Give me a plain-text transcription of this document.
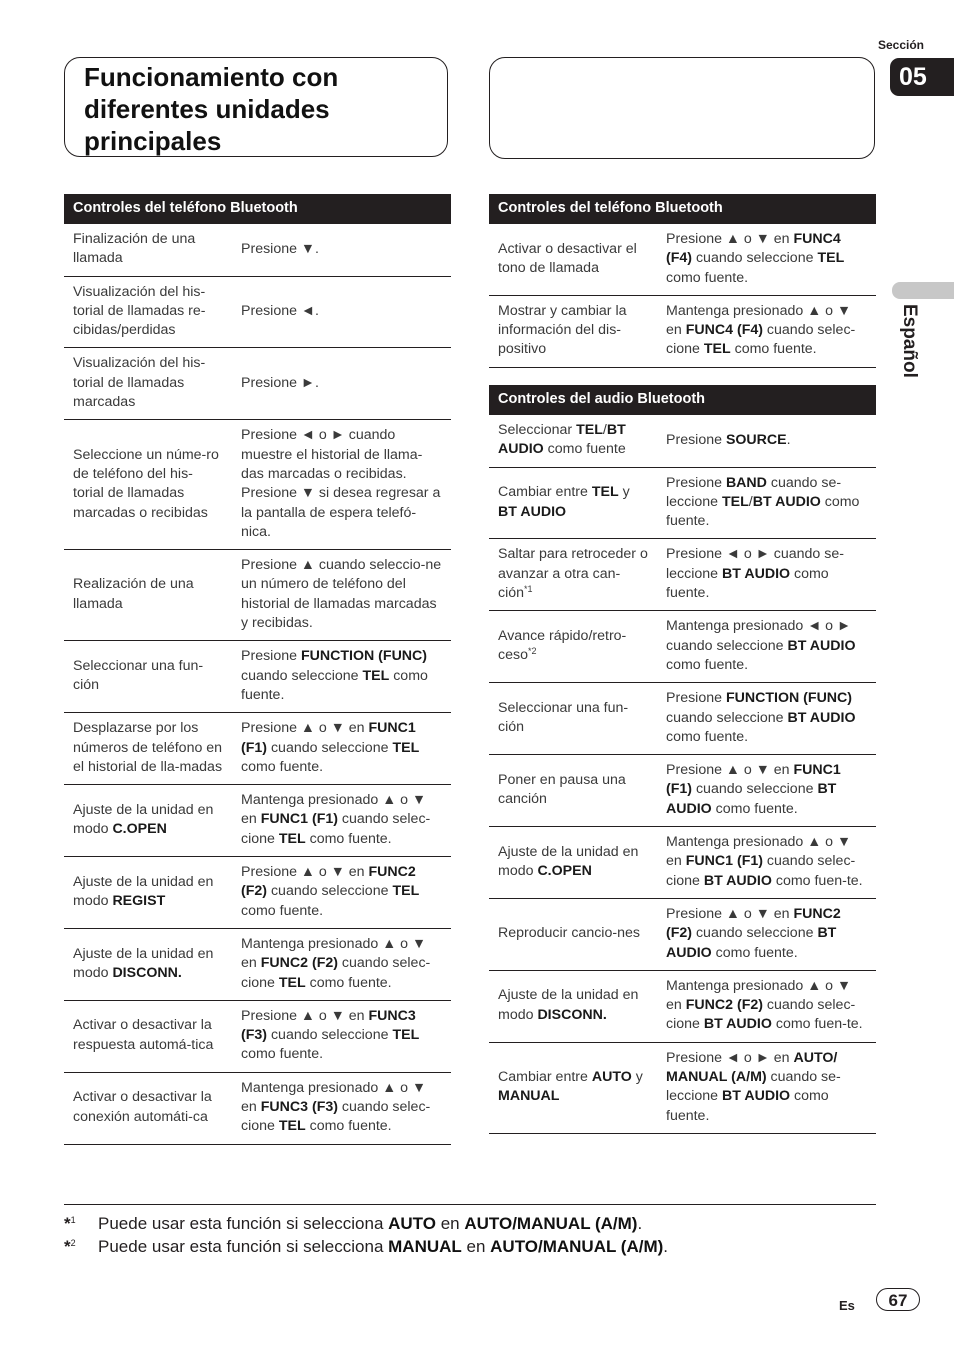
Funcionamiento con diferentes unidades principales
Sección
05
Español
Controles del teléfono Bluetooth	
Finalización de una llamada	Presione ▼.
Visualización del his-torial de llamadas re-cibidas/perdidas	Presione ◄.
Visualización del his-torial de llamadas marcadas	Presione ►.
Seleccione un núme-ro de teléfono del his-torial de llamadas marcadas o recibidas	Presione ◄ o ► cuando muestre el historial de llama-das marcadas o recibidas. Presione ▼ si desea regresar a la pantalla de espera telefó-nica.
Realización de una llamada	Presione ▲ cuando seleccio-ne un número de teléfono del historial de llamadas marcadas y recibidas.
Seleccionar una fun-ción	Presione FUNCTION (FUNC) cuando seleccione TEL como fuente.
Desplazarse por los números de teléfono en el historial de lla-madas	Presione ▲ o ▼ en FUNC1 (F1) cuando seleccione TEL como fuente.
Ajuste de la unidad en modo C.OPEN	Mantenga presionado ▲ o ▼ en FUNC1 (F1) cuando selec-cione TEL como fuente.
Ajuste de la unidad en modo REGIST	Presione ▲ o ▼ en FUNC2 (F2) cuando seleccione TEL como fuente.
Ajuste de la unidad en modo DISCONN.	Mantenga presionado ▲ o ▼ en FUNC2 (F2) cuando selec-cione TEL como fuente.
Activar o desactivar la respuesta automá-tica	Presione ▲ o ▼ en FUNC3 (F3) cuando seleccione TEL como fuente.
Activar o desactivar la conexión automáti-ca	Mantenga presionado ▲ o ▼ en FUNC3 (F3) cuando selec-cione TEL como fuente.
Controles del teléfono Bluetooth	
Activar o desactivar el tono de llamada	Presione ▲ o ▼ en FUNC4 (F4) cuando seleccione TEL como fuente.
Mostrar y cambiar la información del dis-positivo	Mantenga presionado ▲ o ▼ en FUNC4 (F4) cuando selec-cione TEL como fuente.
Controles del audio Bluetooth	
Seleccionar TEL/BT AUDIO como fuente	Presione SOURCE.
Cambiar entre TEL y BT AUDIO	Presione BAND cuando se-leccione TEL/BT AUDIO como fuente.
Saltar para retroceder o avanzar a otra can-ción$^{*1}$	Presione ◄ o ► cuando se-leccione BT AUDIO como fuente.
Avance rápido/retro-ceso$^{*2}$	Mantenga presionado ◄ o ► cuando seleccione BT AUDIO como fuente.
Seleccionar una fun-ción	Presione FUNCTION (FUNC) cuando seleccione BT AUDIO como fuente.
Poner en pausa una canción	Presione ▲ o ▼ en FUNC1 (F1) cuando seleccione BT AUDIO como fuente.
Ajuste de la unidad en modo C.OPEN	Mantenga presionado ▲ o ▼ en FUNC1 (F1) cuando selec-cione BT AUDIO como fuen-te.
Reproducir cancio-nes	Presione ▲ o ▼ en FUNC2 (F2) cuando seleccione BT AUDIO como fuente.
Ajuste de la unidad en modo DISCONN.	Mantenga presionado ▲ o ▼ en FUNC2 (F2) cuando selec-cione BT AUDIO como fuen-te.
Cambiar entre AUTO y MANUAL	Presione ◄ o ► en AUTO/ MANUAL (A/M) cuando se-leccione BT AUDIO como fuente.
*$^1$ Puede usar esta función si selecciona AUTO en AUTO/MANUAL (A/M).
*$^2$ Puede usar esta función si selecciona MANUAL en AUTO/MANUAL (A/M).
Es	67
